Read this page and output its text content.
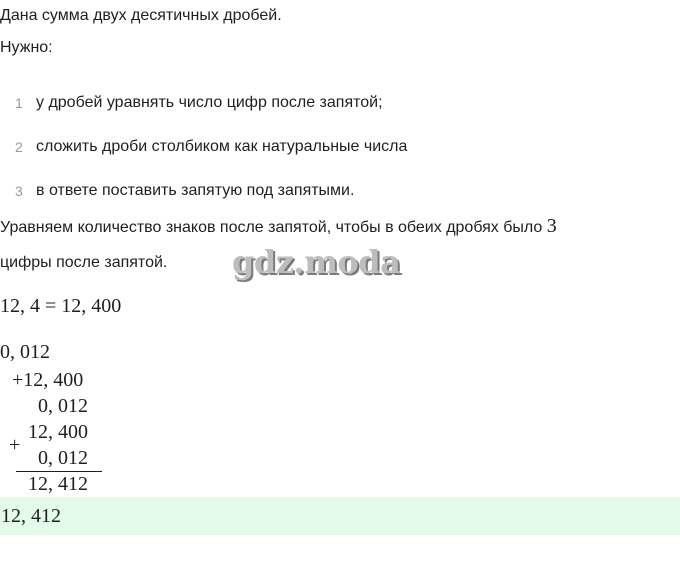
Дана сумма двух десятичных дробей.
Нужно:
1 у дробей уравнять число цифр после запятой;
2 сложить дроби столбиком как натуральные числа
3 в ответе поставить запятую под запятыми.
Уравняем количество знаков после запятой, чтобы в обеих дробях было 3
цифры после запятой. gdz.moda
12, 4 = 12, 400
0, 012
+12, 400
0, 012
+
12, 400
0, 012
12, 412
12, 412
